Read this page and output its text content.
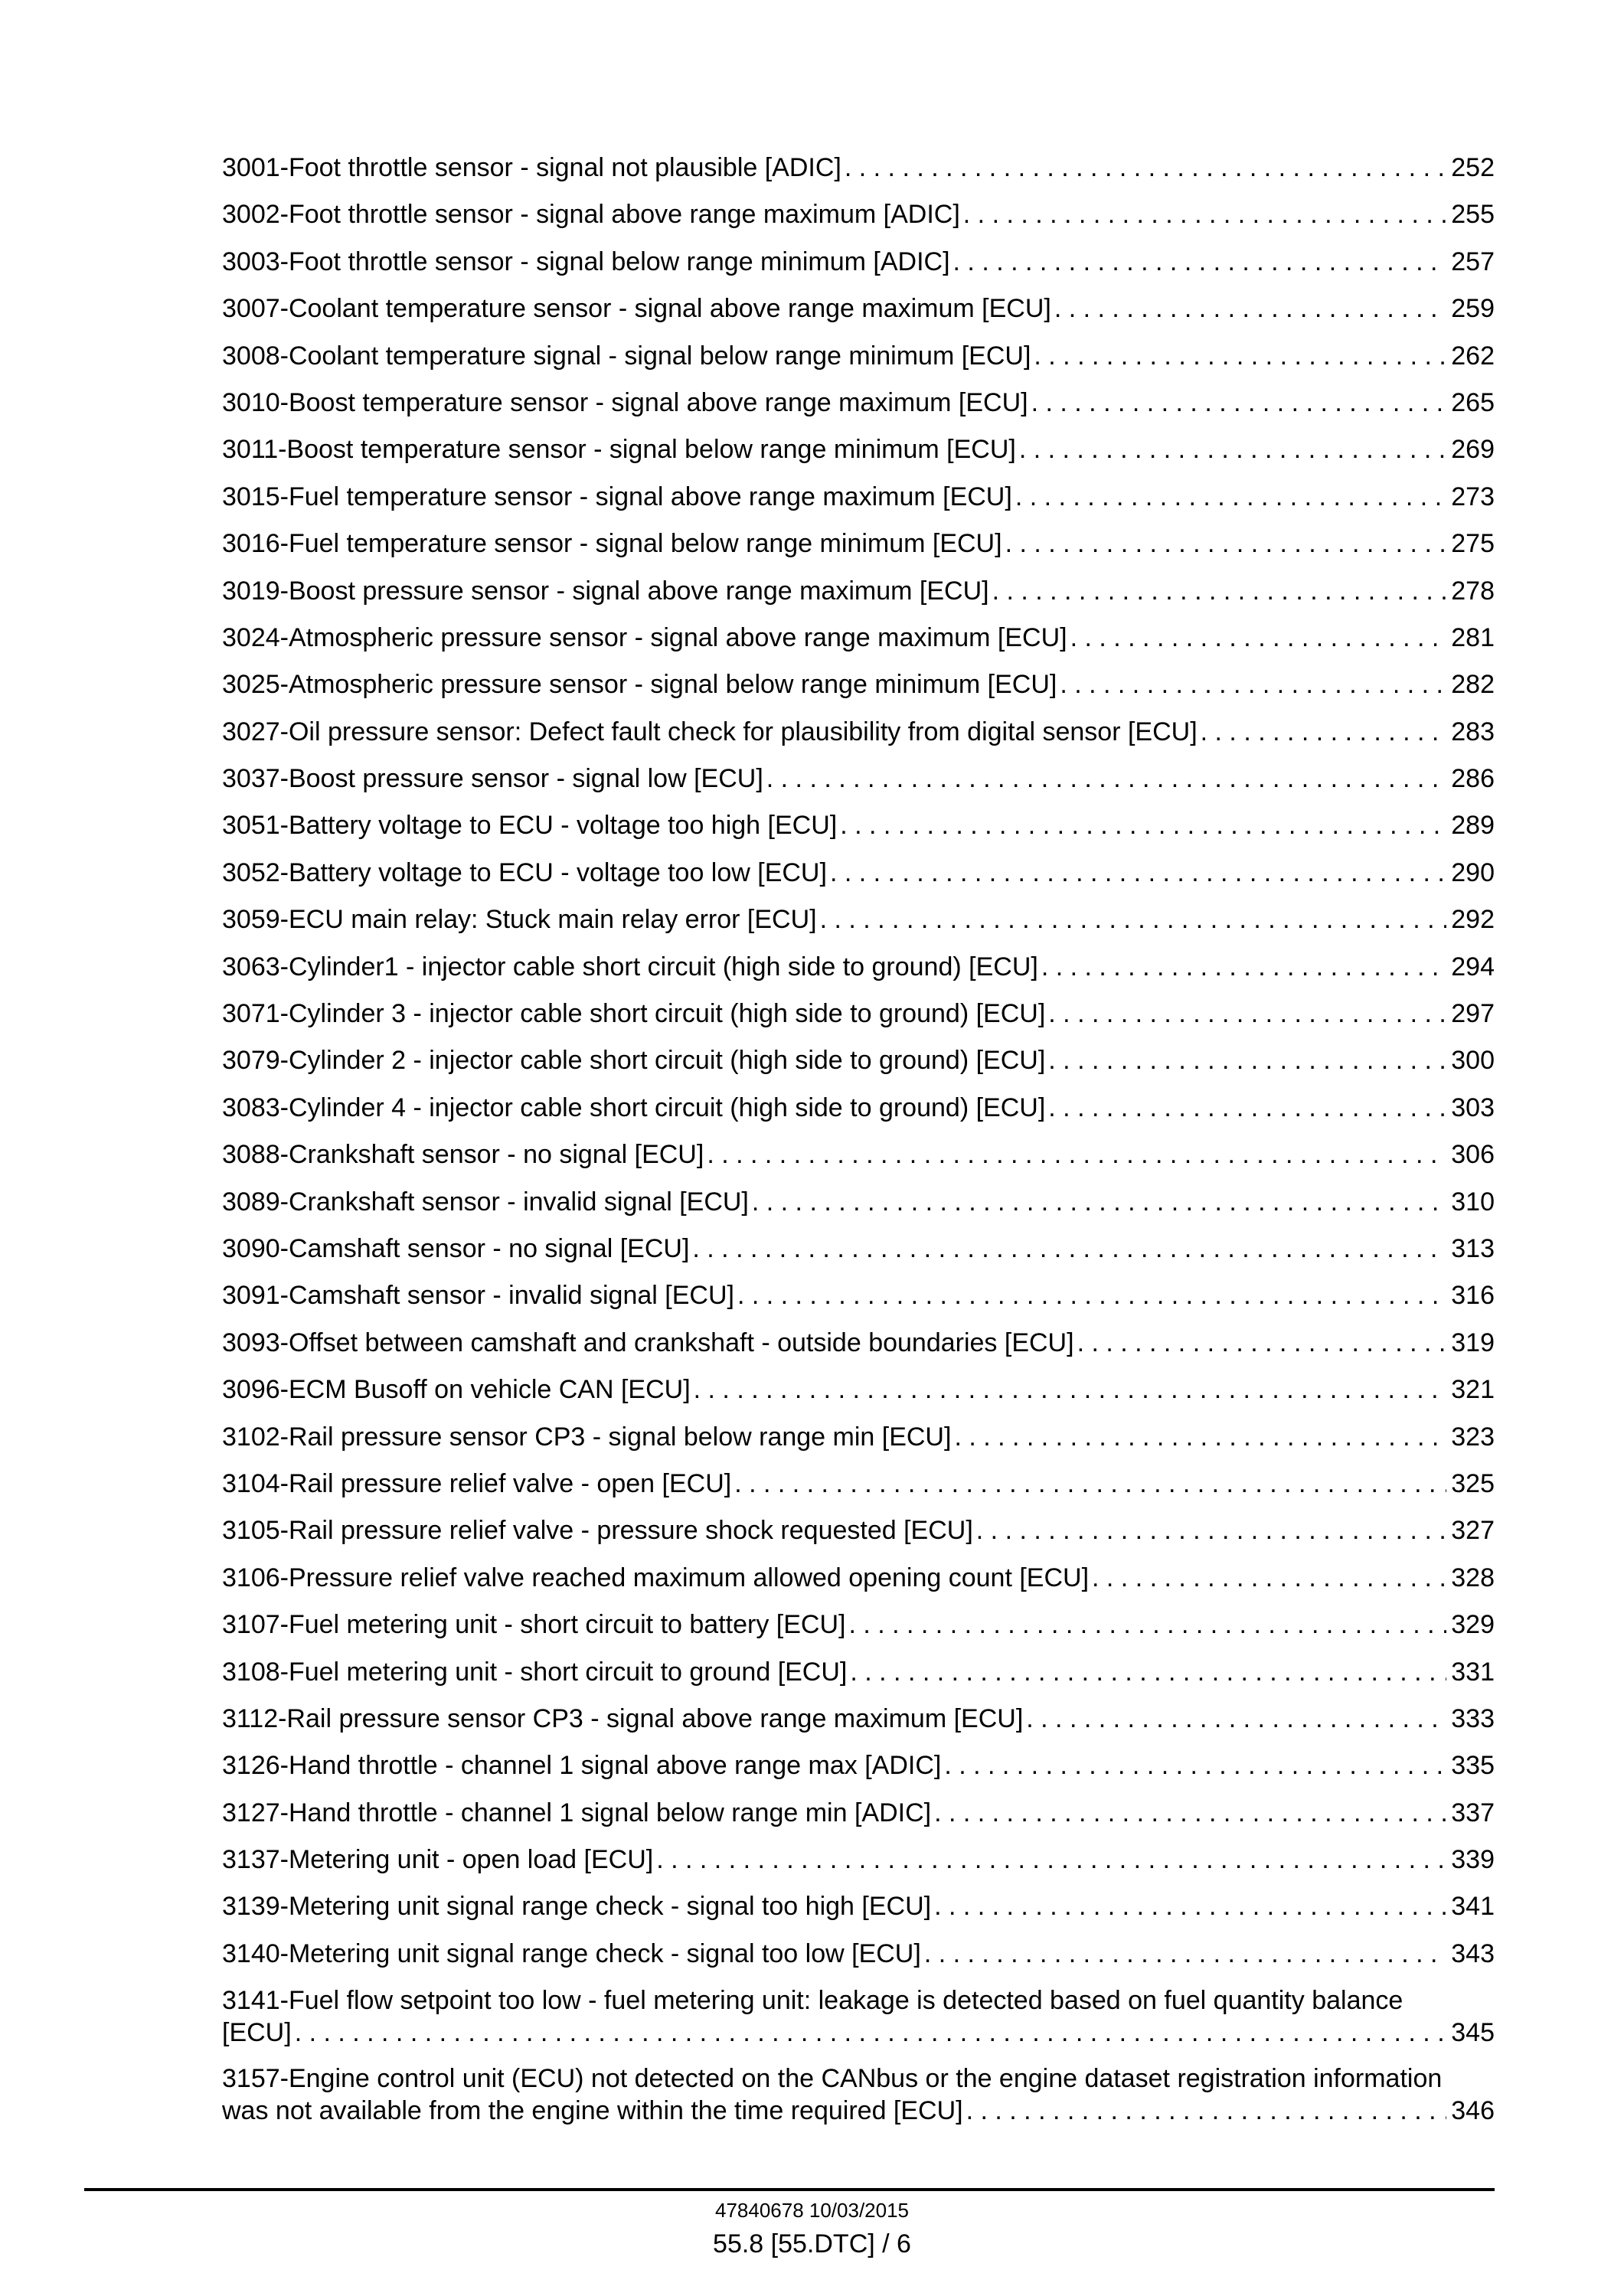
3001-Foot throttle sensor - signal not plausible [ADIC] . . .	252
3002-Foot throttle sensor - signal above range maximum [ADIC] . . .	255
3003-Foot throttle sensor - signal below range minimum [ADIC] . . .	257
3007-Coolant temperature sensor - signal above range maximum [ECU] . . .	259
3008-Coolant temperature signal - signal below range minimum [ECU] . . .	262
3010-Boost temperature sensor - signal above range maximum [ECU] . . .	265
3011-Boost temperature sensor - signal below range minimum [ECU] . . .	269
3015-Fuel temperature sensor - signal above range maximum [ECU] . . .	273
3016-Fuel temperature sensor - signal below range minimum [ECU] . . .	275
3019-Boost pressure sensor - signal above range maximum [ECU] . . .	278
3024-Atmospheric pressure sensor - signal above range maximum [ECU] . . .	281
3025-Atmospheric pressure sensor - signal below range minimum [ECU] . . .	282
3027-Oil pressure sensor: Defect fault check for plausibility from digital sensor [ECU] . . .	283
3037-Boost pressure sensor - signal low [ECU] . . .	286
3051-Battery voltage to ECU - voltage too high [ECU] . . .	289
3052-Battery voltage to ECU - voltage too low [ECU] . . .	290
3059-ECU main relay: Stuck main relay error [ECU] . . .	292
3063-Cylinder1 - injector cable short circuit (high side to ground) [ECU] . . .	294
3071-Cylinder 3 - injector cable short circuit (high side to ground) [ECU] . . .	297
3079-Cylinder 2 - injector cable short circuit (high side to ground) [ECU] . . .	300
3083-Cylinder 4 - injector cable short circuit (high side to ground) [ECU] . . .	303
3088-Crankshaft sensor - no signal [ECU] . . .	306
3089-Crankshaft sensor - invalid signal [ECU] . . .	310
3090-Camshaft sensor - no signal [ECU] . . .	313
3091-Camshaft sensor - invalid signal [ECU] . . .	316
3093-Offset between camshaft and crankshaft - outside boundaries [ECU] . . .	319
3096-ECM Busoff on vehicle CAN [ECU] . . .	321
3102-Rail pressure sensor CP3 - signal below range min [ECU] . . .	323
3104-Rail pressure relief valve - open [ECU] . . .	325
3105-Rail pressure relief valve - pressure shock requested [ECU] . . .	327
3106-Pressure relief valve reached maximum allowed opening count [ECU] . . .	328
3107-Fuel metering unit - short circuit to battery [ECU] . . .	329
3108-Fuel metering unit - short circuit to ground [ECU] . . .	331
3112-Rail pressure sensor CP3 - signal above range maximum [ECU] . . .	333
3126-Hand throttle - channel 1 signal above range max [ADIC] . . .	335
3127-Hand throttle - channel 1 signal below range min [ADIC] . . .	337
3137-Metering unit - open load [ECU] . . .	339
3139-Metering unit signal range check - signal too high [ECU] . . .	341
3140-Metering unit signal range check - signal too low [ECU] . . .	343
3141-Fuel flow setpoint too low - fuel metering unit: leakage is detected based on fuel quantity balance
[ECU] . . .	345
3157-Engine control unit (ECU) not detected on the CANbus or the engine dataset registration information
was not available from the engine within the time required [ECU] . . .	346
47840678 10/03/2015
55.8 [55.DTC] / 6
